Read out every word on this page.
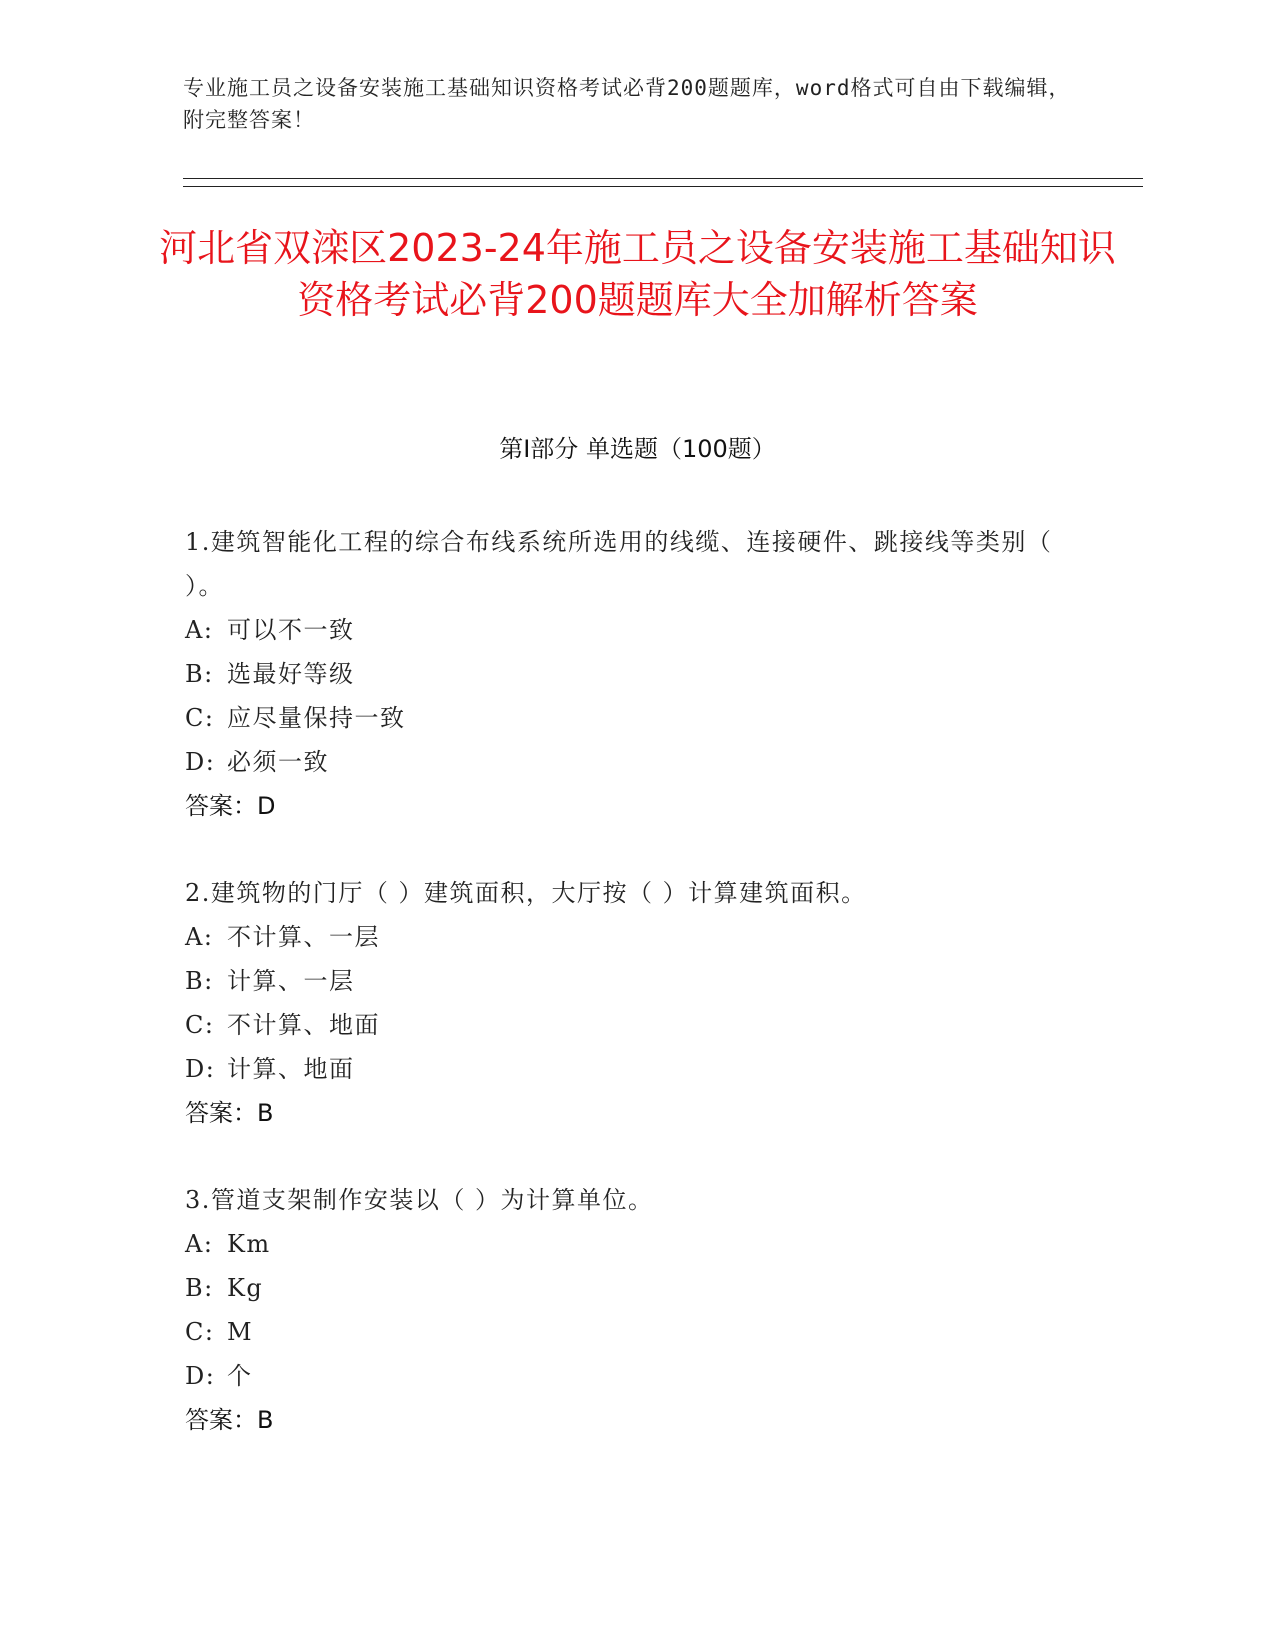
专业施工员之设备安装施工基础知识资格考试必背200题题库，word格式可自由下载编辑，附完整答案！
河北省双滦区2023-24年施工员之设备安装施工基础知识资格考试必背200题题库大全加解析答案
第Ⅰ部分 单选题（100题）
1.建筑智能化工程的综合布线系统所选用的线缆、连接硬件、跳接线等类别（ ）。
A: 可以不一致
B: 选最好等级
C: 应尽量保持一致
D: 必须一致
答案：D
2.建筑物的门厅（ ）建筑面积，大厅按（ ）计算建筑面积。
A: 不计算、一层
B: 计算、一层
C: 不计算、地面
D: 计算、地面
答案：B
3.管道支架制作安装以（ ）为计算单位。
A: Km
B: Kg
C: M
D: 个
答案：B
